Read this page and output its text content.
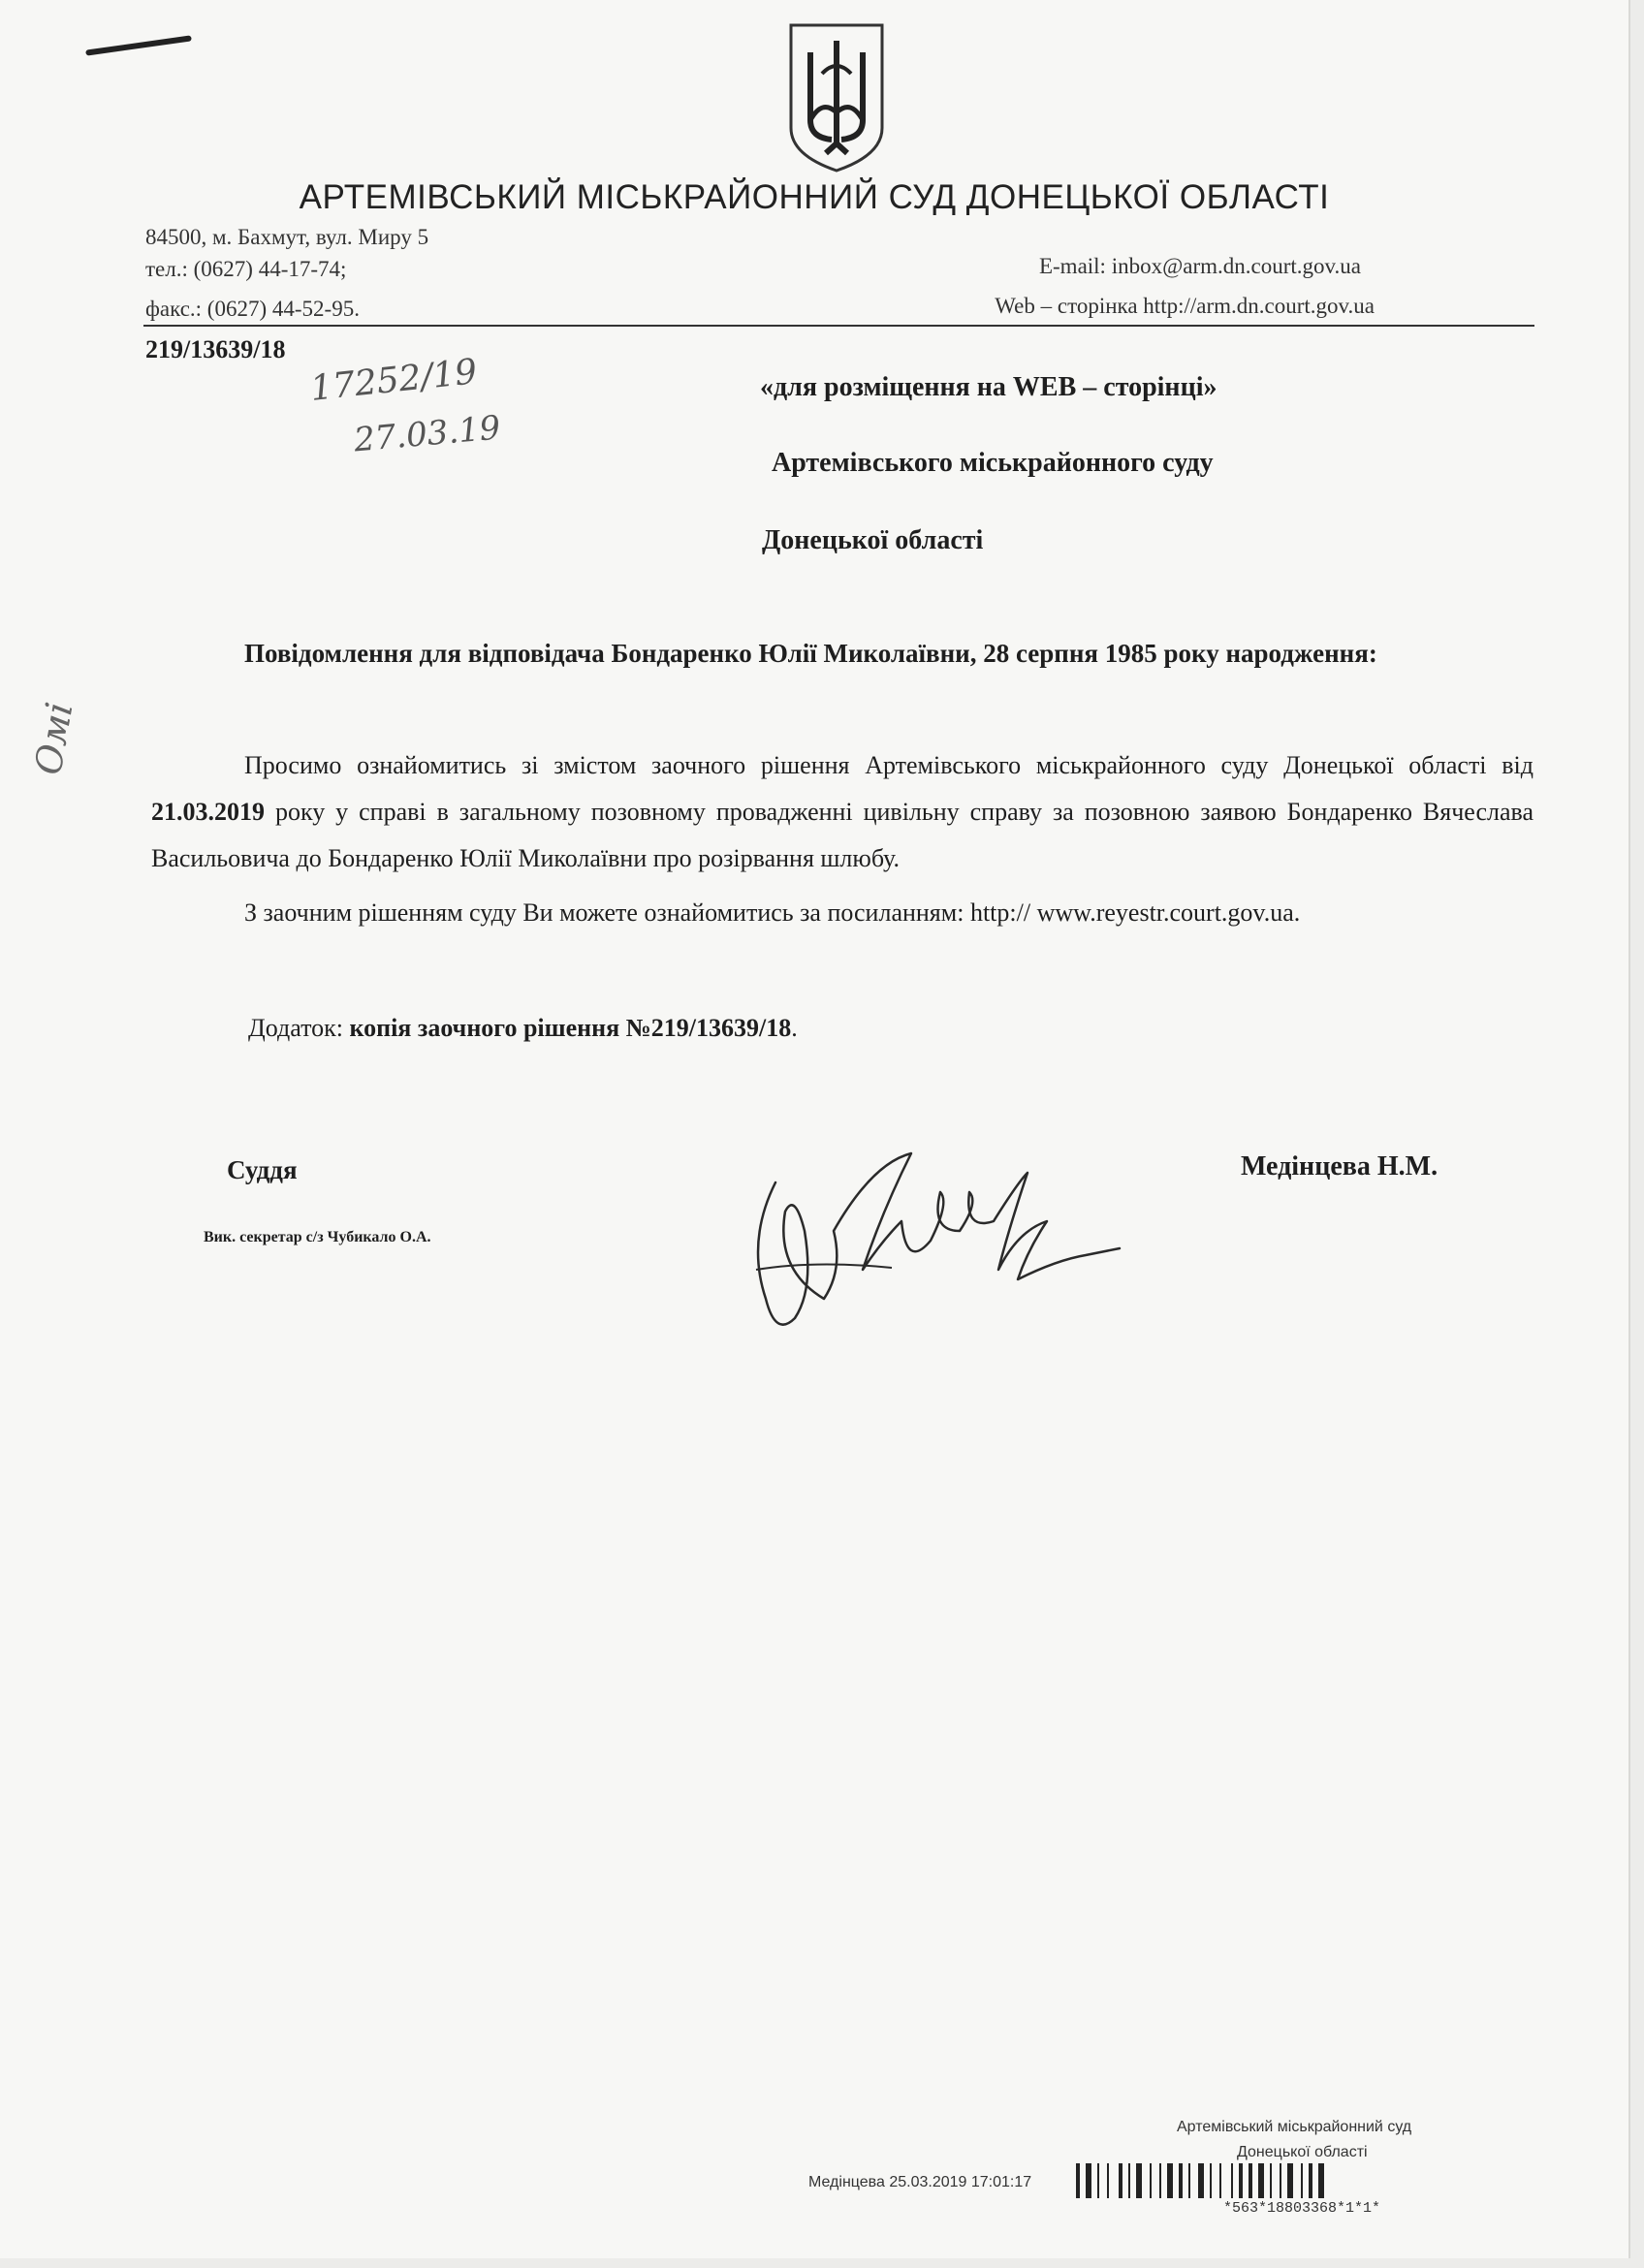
АРТЕМІВСЬКИЙ МІСЬКРАЙОННИЙ СУД ДОНЕЦЬКОЇ ОБЛАСТІ
84500, м. Бахмут, вул. Миру 5
тел.: (0627) 44-17-74;
факс.: (0627) 44-52-95.
E-mail: inbox@arm.dn.court.gov.ua
Web – сторінка http://arm.dn.court.gov.ua
219/13639/18
17252/19
27.03.19
Омі
«для розміщення на WEB – сторінці»
Артемівського міськрайонного суду
Донецької області
Повідомлення для відповідача Бондаренко Юлії Миколаївни, 28 серпня 1985 року народження:
Просимо ознайомитись зі змістом заочного рішення Артемівського міськрайонного суду Донецької області від 21.03.2019 року у справі в загальному позовному провадженні цивільну справу за позовною заявою Бондаренко Вячеслава Васильовича до Бондаренко Юлії Миколаївни про розірвання шлюбу.
З заочним рішенням суду Ви можете ознайомитись за посиланням: http:// www.reyestr.court.gov.ua.
Додаток: копія заочного рішення №219/13639/18.
Суддя
Вик. секретар с/з Чубикало О.А.
Медінцева Н.М.
Артемівський міськрайонний суд
Донецької області
Медінцева 25.03.2019 17:01:17
*563*18803368*1*1*
